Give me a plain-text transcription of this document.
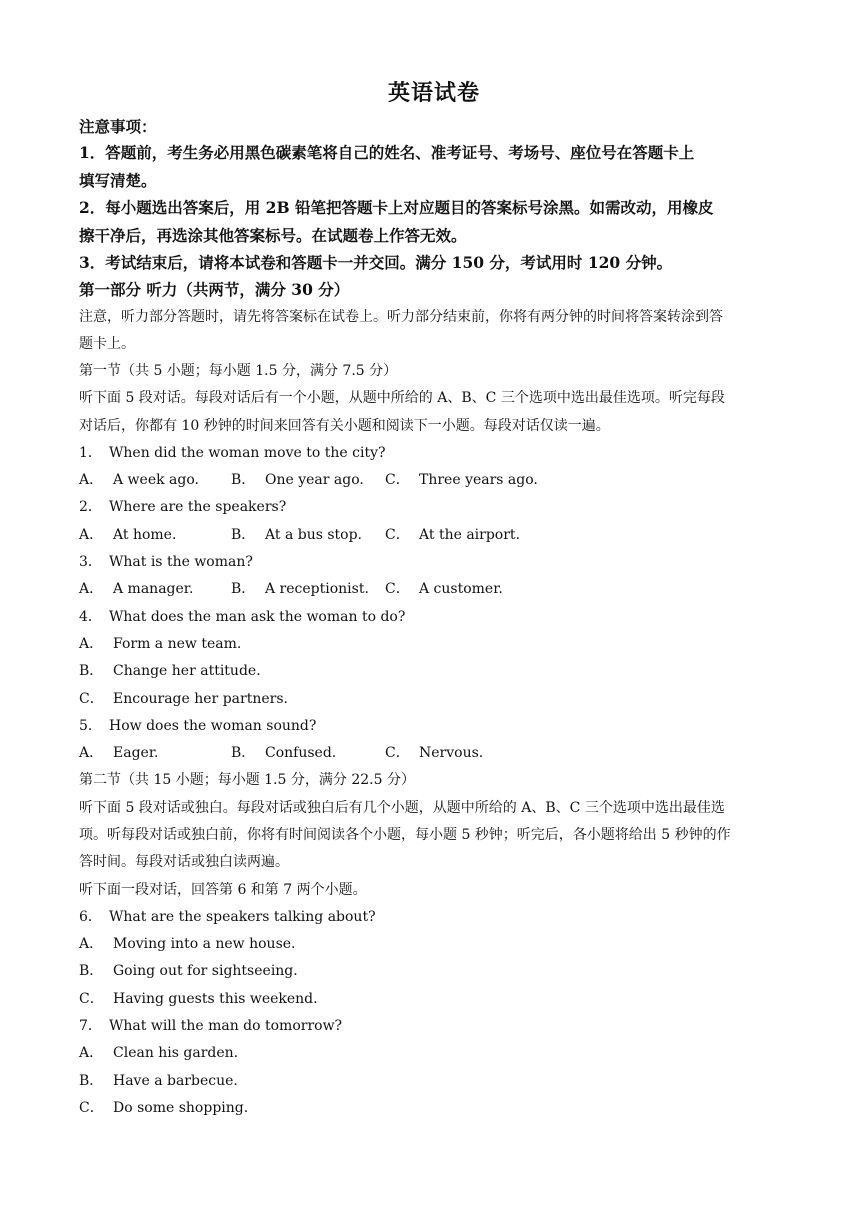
英语试卷
注意事项：
1．答题前，考生务必用黑色碳素笔将自己的姓名、准考证号、考场号、座位号在答题卡上
填写清楚。
2．每小题选出答案后，用 2B 铅笔把答题卡上对应题目的答案标号涂黑。如需改动，用橡皮
擦干净后，再选涂其他答案标号。在试题卷上作答无效。
3．考试结束后，请将本试卷和答题卡一并交回。满分 150 分，考试用时 120 分钟。
第一部分 听力（共两节，满分 30 分）
注意，听力部分答题时，请先将答案标在试卷上。听力部分结束前，你将有两分钟的时间将答案转涂到答
题卡上。
第一节（共 5 小题；每小题 1.5 分，满分 7.5 分）
听下面 5 段对话。每段对话后有一个小题，从题中所给的 A、B、C 三个选项中选出最佳选项。听完每段
对话后，你都有 10 秒钟的时间来回答有关小题和阅读下一小题。每段对话仅读一遍。
1． When did the woman move to the city?
A． A week ago. B． One year ago. C． Three years ago.
2． Where are the speakers?
A． At home.	B． At a bus stop. C． At the airport.
3． What is the woman?
A． A manager.	B． A receptionist. C． A customer.
4． What does the man ask the woman to do?
A． Form a new team.
B． Change her attitude.
C． Encourage her partners.
5． How does the woman sound?
A． Eager.	B． Confused.	C． Nervous.
第二节（共 15 小题；每小题 1.5 分，满分 22.5 分）
听下面 5 段对话或独白。每段对话或独白后有几个小题，从题中所给的 A、B、C 三个选项中选出最佳选
项。听每段对话或独白前，你将有时间阅读各个小题，每小题 5 秒钟；听完后，各小题将给出 5 秒钟的作
答时间。每段对话或独白读两遍。
听下面一段对话，回答第 6 和第 7 两个小题。
6． What are the speakers talking about?
A． Moving into a new house.
B． Going out for sightseeing.
C． Having guests this weekend.
7． What will the man do tomorrow?
A． Clean his garden.
B． Have a barbecue.
C． Do some shopping.
